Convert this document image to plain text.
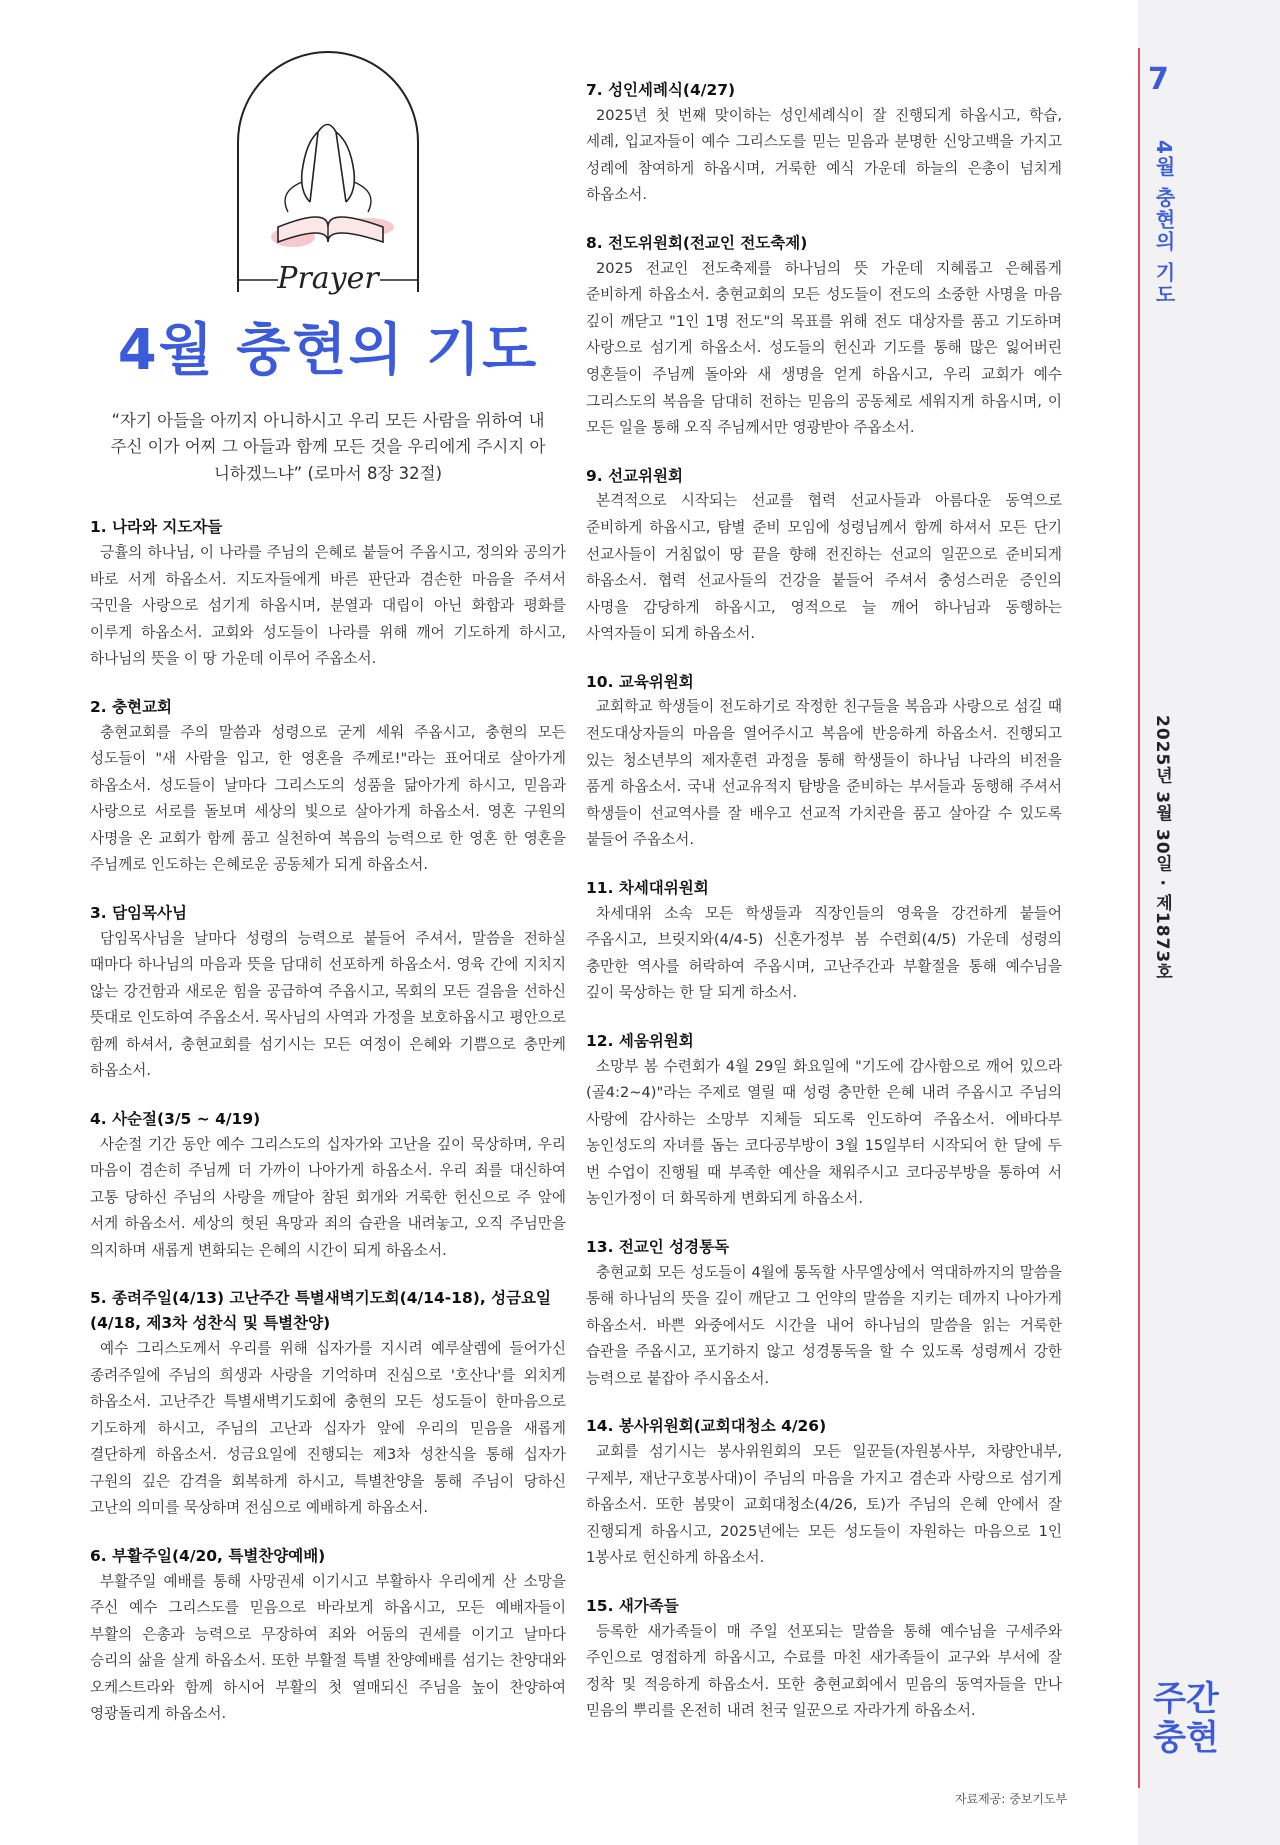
7
4월 충현의 기도
2025년 3월 30일 · 제1873호
주간
충현
Prayer
4월 충현의 기도
“자기 아들을 아끼지 아니하시고 우리 모든 사람을 위하여 내주신 이가 어찌 그 아들과 함께 모든 것을 우리에게 주시지 아니하겠느냐” (로마서 8장 32절)
1. 나라와 지도자들
긍휼의 하나님, 이 나라를 주님의 은혜로 붙들어 주옵시고, 정의와 공의가 바로 서게 하옵소서. 지도자들에게 바른 판단과 겸손한 마음을 주셔서 국민을 사랑으로 섬기게 하옵시며, 분열과 대립이 아닌 화합과 평화를 이루게 하옵소서. 교회와 성도들이 나라를 위해 깨어 기도하게 하시고, 하나님의 뜻을 이 땅 가운데 이루어 주옵소서.
2. 충현교회
충현교회를 주의 말씀과 성령으로 굳게 세워 주옵시고, 충현의 모든 성도들이 "새 사람을 입고, 한 영혼을 주께로!"라는 표어대로 살아가게 하옵소서. 성도들이 날마다 그리스도의 성품을 닮아가게 하시고, 믿음과 사랑으로 서로를 돌보며 세상의 빛으로 살아가게 하옵소서. 영혼 구원의 사명을 온 교회가 함께 품고 실천하여 복음의 능력으로 한 영혼 한 영혼을 주님께로 인도하는 은혜로운 공동체가 되게 하옵소서.
3. 담임목사님
담임목사님을 날마다 성령의 능력으로 붙들어 주셔서, 말씀을 전하실 때마다 하나님의 마음과 뜻을 담대히 선포하게 하옵소서. 영육 간에 지치지 않는 강건함과 새로운 힘을 공급하여 주옵시고, 목회의 모든 걸음을 선하신 뜻대로 인도하여 주옵소서. 목사님의 사역과 가정을 보호하옵시고 평안으로 함께 하셔서, 충현교회를 섬기시는 모든 여정이 은혜와 기쁨으로 충만케 하옵소서.
4. 사순절(3/5 ~ 4/19)
사순절 기간 동안 예수 그리스도의 십자가와 고난을 깊이 묵상하며, 우리 마음이 겸손히 주님께 더 가까이 나아가게 하옵소서. 우리 죄를 대신하여 고통 당하신 주님의 사랑을 깨달아 참된 회개와 거룩한 헌신으로 주 앞에 서게 하옵소서. 세상의 헛된 욕망과 죄의 습관을 내려놓고, 오직 주님만을 의지하며 새롭게 변화되는 은혜의 시간이 되게 하옵소서.
5. 종려주일(4/13) 고난주간 특별새벽기도회(4/14-18), 성금요일(4/18, 제3차 성찬식 및 특별찬양)
예수 그리스도께서 우리를 위해 십자가를 지시려 예루살렘에 들어가신 종려주일에 주님의 희생과 사랑을 기억하며 진심으로 '호산나'를 외치게 하옵소서. 고난주간 특별새벽기도회에 충현의 모든 성도들이 한마음으로 기도하게 하시고, 주님의 고난과 십자가 앞에 우리의 믿음을 새롭게 결단하게 하옵소서. 성금요일에 진행되는 제3차 성찬식을 통해 십자가 구원의 깊은 감격을 회복하게 하시고, 특별찬양을 통해 주님이 당하신 고난의 의미를 묵상하며 전심으로 예배하게 하옵소서.
6. 부활주일(4/20, 특별찬양예배)
부활주일 예배를 통해 사망권세 이기시고 부활하사 우리에게 산 소망을 주신 예수 그리스도를 믿음으로 바라보게 하옵시고, 모든 예배자들이 부활의 은총과 능력으로 무장하여 죄와 어둠의 권세를 이기고 날마다 승리의 삶을 살게 하옵소서. 또한 부활절 특별 찬양예배를 섬기는 찬양대와 오케스트라와 함께 하시어 부활의 첫 열매되신 주님을 높이 찬양하여 영광돌리게 하옵소서.
7. 성인세례식(4/27)
2025년 첫 번째 맞이하는 성인세례식이 잘 진행되게 하옵시고, 학습, 세례, 입교자들이 예수 그리스도를 믿는 믿음과 분명한 신앙고백을 가지고 성례에 참여하게 하옵시며, 거룩한 예식 가운데 하늘의 은총이 넘치게 하옵소서.
8. 전도위원회(전교인 전도축제)
2025 전교인 전도축제를 하나님의 뜻 가운데 지혜롭고 은혜롭게 준비하게 하옵소서. 충현교회의 모든 성도들이 전도의 소중한 사명을 마음 깊이 깨닫고 "1인 1명 전도"의 목표를 위해 전도 대상자를 품고 기도하며 사랑으로 섬기게 하옵소서. 성도들의 헌신과 기도를 통해 많은 잃어버린 영혼들이 주님께 돌아와 새 생명을 얻게 하옵시고, 우리 교회가 예수 그리스도의 복음을 담대히 전하는 믿음의 공동체로 세워지게 하옵시며, 이 모든 일을 통해 오직 주님께서만 영광받아 주옵소서.
9. 선교위원회
본격적으로 시작되는 선교를 협력 선교사들과 아름다운 동역으로 준비하게 하옵시고, 탐별 준비 모임에 성령님께서 함께 하셔서 모든 단기 선교사들이 거침없이 땅 끝을 향해 전진하는 선교의 일꾼으로 준비되게 하옵소서. 협력 선교사들의 건강을 붙들어 주셔서 충성스러운 증인의 사명을 감당하게 하옵시고, 영적으로 늘 깨어 하나님과 동행하는 사역자들이 되게 하옵소서.
10. 교육위원회
교회학교 학생들이 전도하기로 작정한 친구들을 복음과 사랑으로 섬길 때 전도대상자들의 마음을 열어주시고 복음에 반응하게 하옵소서. 진행되고 있는 청소년부의 제자훈련 과정을 통해 학생들이 하나님 나라의 비전을 품게 하옵소서. 국내 선교유적지 탐방을 준비하는 부서들과 동행해 주셔서 학생들이 선교역사를 잘 배우고 선교적 가치관을 품고 살아갈 수 있도록 붙들어 주옵소서.
11. 차세대위원회
차세대위 소속 모든 학생들과 직장인들의 영육을 강건하게 붙들어 주옵시고, 브릿지와(4/4-5) 신혼가정부 봄 수련회(4/5) 가운데 성령의 충만한 역사를 허락하여 주옵시며, 고난주간과 부활절을 통해 예수님을 깊이 묵상하는 한 달 되게 하소서.
12. 세움위원회
소망부 봄 수련회가 4월 29일 화요일에 "기도에 감사함으로 깨어 있으라 (골4:2~4)"라는 주제로 열릴 때 성령 충만한 은혜 내려 주옵시고 주님의 사랑에 감사하는 소망부 지체들 되도록 인도하여 주옵소서. 에바다부 농인성도의 자녀를 돕는 코다공부방이 3월 15일부터 시작되어 한 달에 두 번 수업이 진행될 때 부족한 예산을 채워주시고 코다공부방을 통하여 서 농인가정이 더 화목하게 변화되게 하옵소서.
13. 전교인 성경통독
충현교회 모든 성도들이 4월에 통독할 사무엘상에서 역대하까지의 말씀을 통해 하나님의 뜻을 깊이 깨닫고 그 언약의 말씀을 지키는 데까지 나아가게 하옵소서. 바쁜 와중에서도 시간을 내어 하나님의 말씀을 읽는 거룩한 습관을 주옵시고, 포기하지 않고 성경통독을 할 수 있도록 성령께서 강한 능력으로 붙잡아 주시옵소서.
14. 봉사위원회(교회대청소 4/26)
교회를 섬기시는 봉사위원회의 모든 일꾼들(자원봉사부, 차량안내부, 구제부, 재난구호봉사대)이 주님의 마음을 가지고 겸손과 사랑으로 섬기게 하옵소서. 또한 봄맞이 교회대청소(4/26, 토)가 주님의 은혜 안에서 잘 진행되게 하옵시고, 2025년에는 모든 성도들이 자원하는 마음으로 1인 1봉사로 헌신하게 하옵소서.
15. 새가족들
등록한 새가족들이 매 주일 선포되는 말씀을 통해 예수님을 구세주와 주인으로 영접하게 하옵시고, 수료를 마친 새가족들이 교구와 부서에 잘 정착 및 적응하게 하옵소서. 또한 충현교회에서 믿음의 동역자들을 만나 믿음의 뿌리를 온전히 내려 천국 일꾼으로 자라가게 하옵소서.
자료제공: 중보기도부
